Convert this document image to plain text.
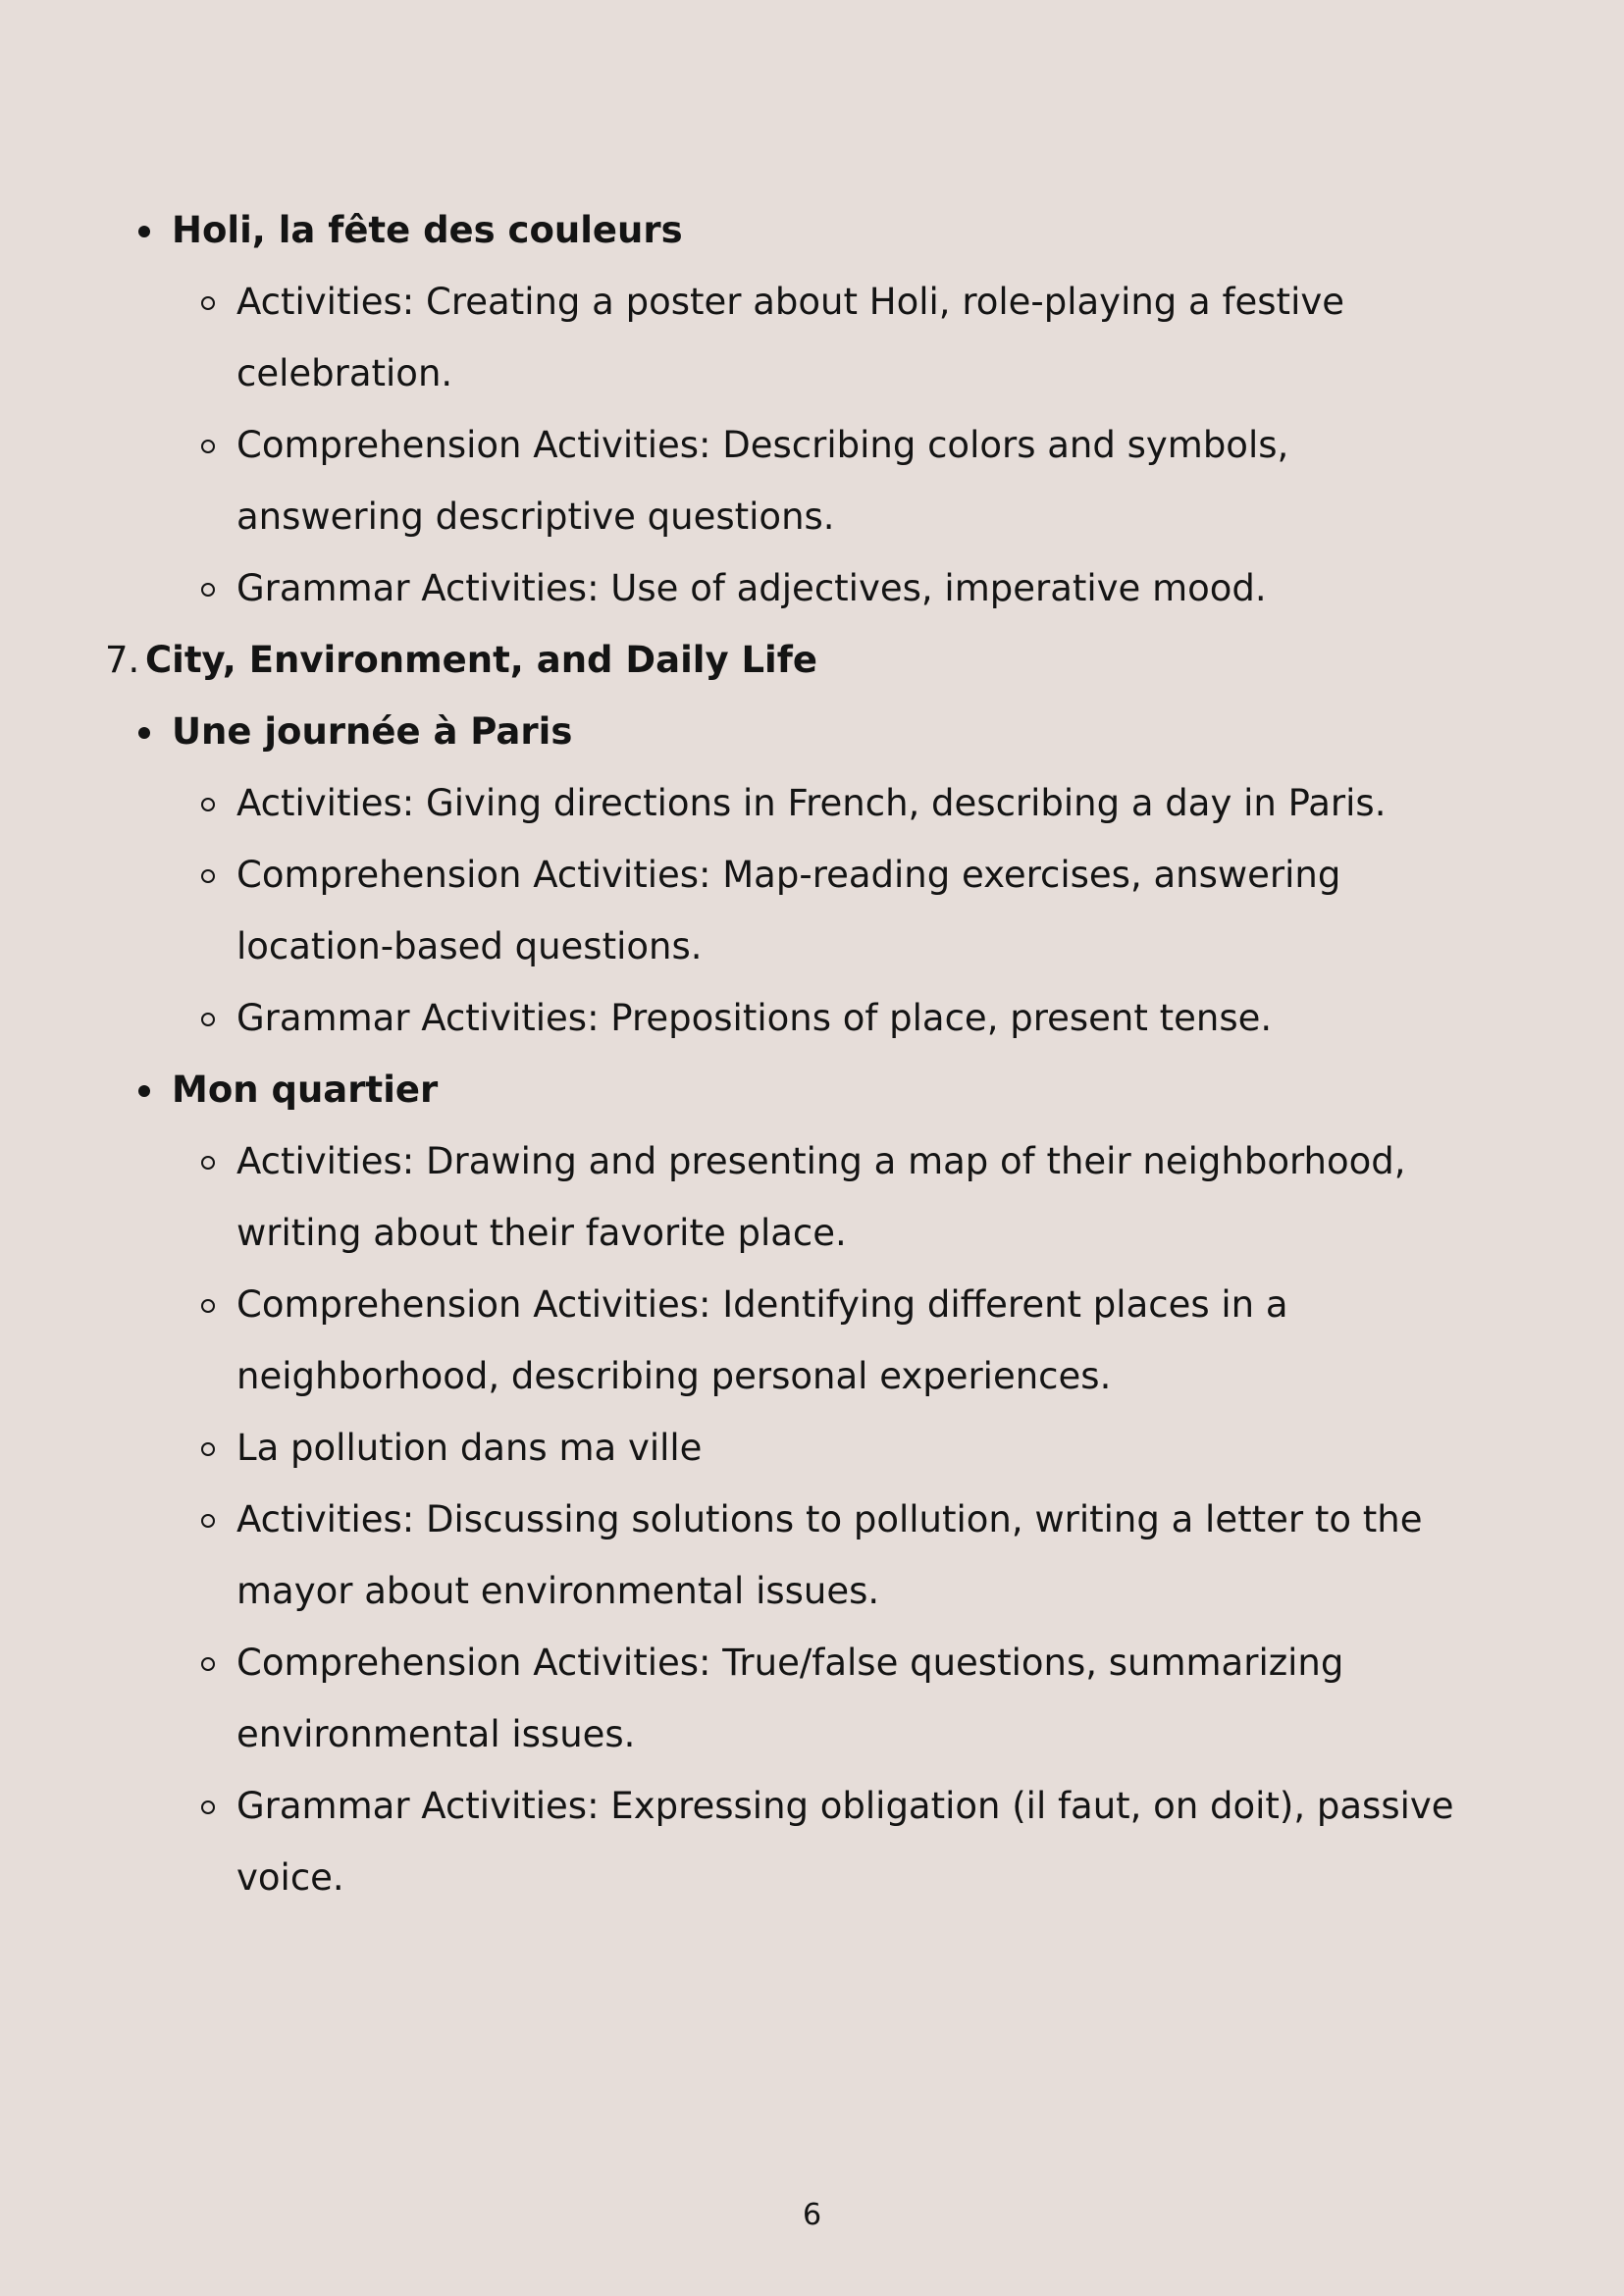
Holi, la fête des couleurs
Activities: Creating a poster about Holi, role-playing a festive
celebration.
Comprehension Activities: Describing colors and symbols,
answering descriptive questions.
Grammar Activities: Use of adjectives, imperative mood.
7. City, Environment, and Daily Life
Une journée à Paris
Activities: Giving directions in French, describing a day in Paris.
Comprehension Activities: Map-reading exercises, answering
location-based questions.
Grammar Activities: Prepositions of place, present tense.
Mon quartier
Activities: Drawing and presenting a map of their neighborhood,
writing about their favorite place.
Comprehension Activities: Identifying different places in a
neighborhood, describing personal experiences.
La pollution dans ma ville
Activities: Discussing solutions to pollution, writing a letter to the
mayor about environmental issues.
Comprehension Activities: True/false questions, summarizing
environmental issues.
Grammar Activities: Expressing obligation (il faut, on doit), passive
voice.
6
